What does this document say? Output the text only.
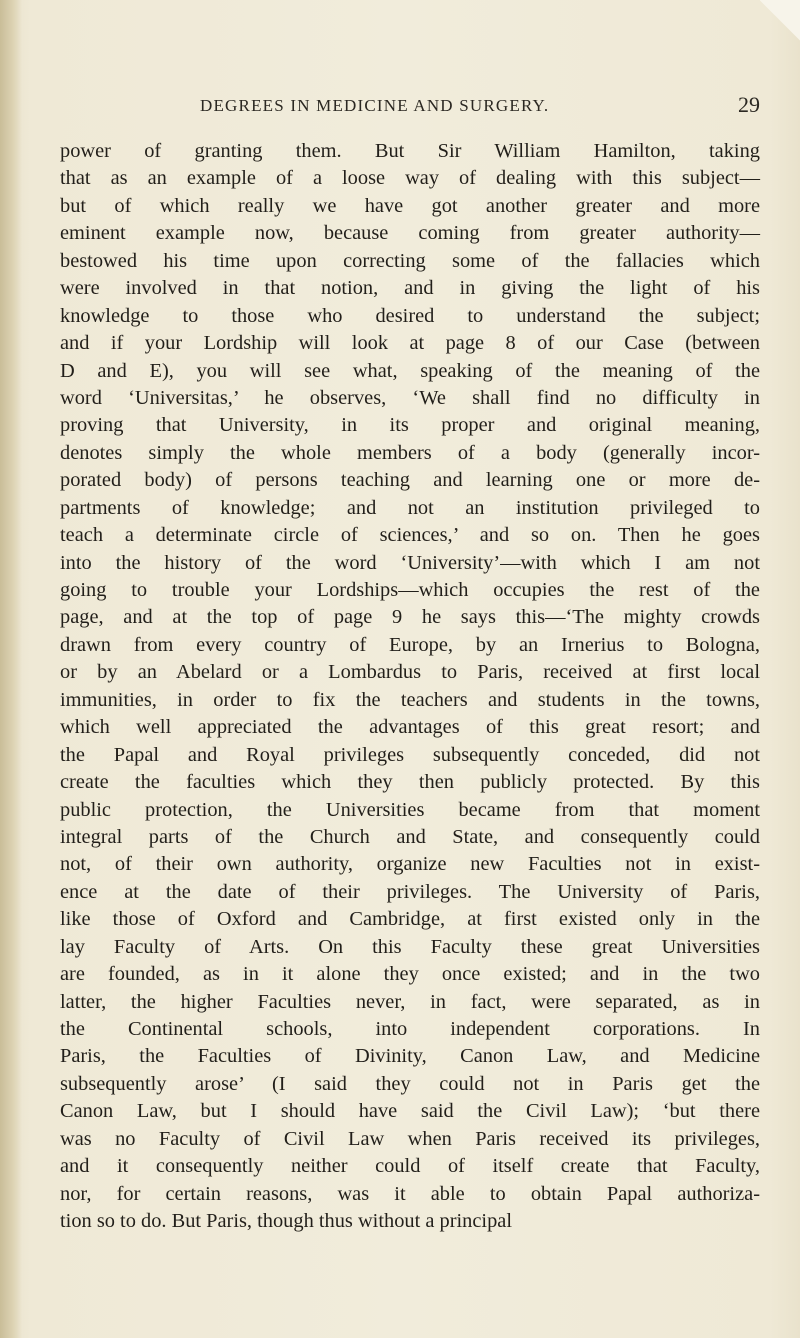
DEGREES IN MEDICINE AND SURGERY.	29
power of granting them. But Sir William Hamilton, taking
that as an example of a loose way of dealing with this subject—
but of which really we have got another greater and more
eminent example now, because coming from greater authority—
bestowed his time upon correcting some of the fallacies which
were involved in that notion, and in giving the light of his
knowledge to those who desired to understand the subject;
and if your Lordship will look at page 8 of our Case (between
D and E), you will see what, speaking of the meaning of the
word ‘Universitas,’ he observes, ‘We shall find no difficulty in
proving that University, in its proper and original meaning,
denotes simply the whole members of a body (generally incor-
porated body) of persons teaching and learning one or more de-
partments of knowledge; and not an institution privileged to
teach a determinate circle of sciences,’ and so on. Then he goes
into the history of the word ‘University’—with which I am not
going to trouble your Lordships—which occupies the rest of the
page, and at the top of page 9 he says this—‘The mighty crowds
drawn from every country of Europe, by an Irnerius to Bologna,
or by an Abelard or a Lombardus to Paris, received at first local
immunities, in order to fix the teachers and students in the towns,
which well appreciated the advantages of this great resort; and
the Papal and Royal privileges subsequently conceded, did not
create the faculties which they then publicly protected. By this
public protection, the Universities became from that moment
integral parts of the Church and State, and consequently could
not, of their own authority, organize new Faculties not in exist-
ence at the date of their privileges. The University of Paris,
like those of Oxford and Cambridge, at first existed only in the
lay Faculty of Arts. On this Faculty these great Universities
are founded, as in it alone they once existed; and in the two
latter, the higher Faculties never, in fact, were separated, as in
the Continental schools, into independent corporations. In
Paris, the Faculties of Divinity, Canon Law, and Medicine
subsequently arose’ (I said they could not in Paris get the
Canon Law, but I should have said the Civil Law); ‘but there
was no Faculty of Civil Law when Paris received its privileges,
and it consequently neither could of itself create that Faculty,
nor, for certain reasons, was it able to obtain Papal authoriza-
tion so to do. But Paris, though thus without a principal
